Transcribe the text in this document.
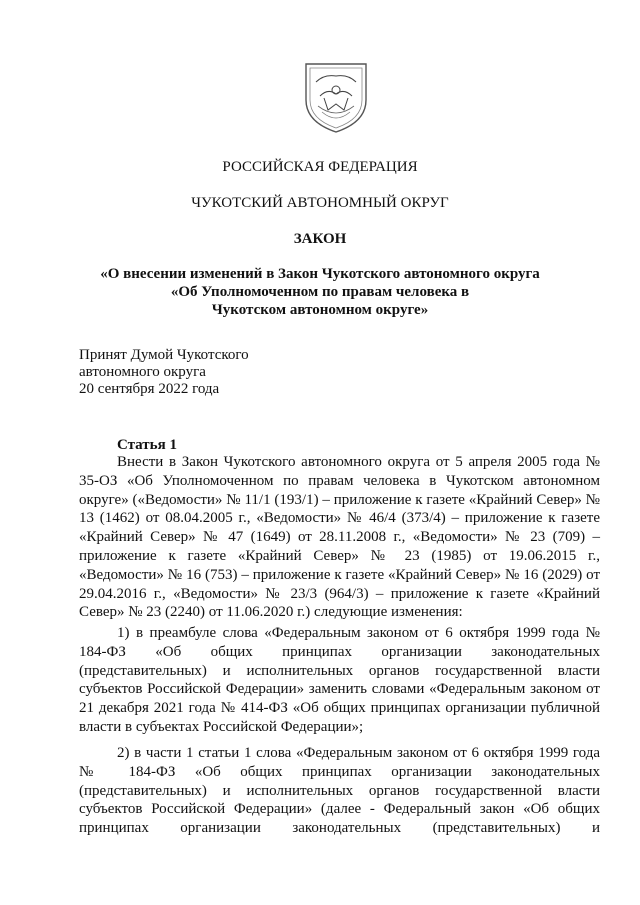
РОССИЙСКАЯ ФЕДЕРАЦИЯ
ЧУКОТСКИЙ АВТОНОМНЫЙ ОКРУГ
ЗАКОН
«О внесении изменений в Закон Чукотского автономного округа
«Об Уполномоченном по правам человека в
Чукотском автономном округе»
Принят Думой Чукотского
автономного округа
20 сентября 2022 года
Статья 1
Внести в Закон Чукотского автономного округа от 5 апреля 2005 года № 35-ОЗ «Об Уполномоченном по правам человека в Чукотском автономном округе» («Ведомости» № 11/1 (193/1) – приложение к газете «Крайний Север» № 13 (1462) от 08.04.2005 г., «Ведомости» № 46/4 (373/4) – приложение к газете «Крайний Север» № 47 (1649) от 28.11.2008 г., «Ведомости» № 23 (709) – приложение к газете «Крайний Север» № 23 (1985) от 19.06.2015 г., «Ведомости» № 16 (753) – приложение к газете «Крайний Север» № 16 (2029) от 29.04.2016 г., «Ведомости» № 23/3 (964/3) – приложение к газете «Крайний Север» № 23 (2240) от 11.06.2020 г.) следующие изменения:
1) в преамбуле слова «Федеральным законом от 6 октября 1999 года № 184-ФЗ «Об общих принципах организации законодательных (представительных) и исполнительных органов государственной власти субъектов Российской Федерации» заменить словами «Федеральным законом от 21 декабря 2021 года № 414-ФЗ «Об общих принципах организации публичной власти в субъектах Российской Федерации»;
2) в части 1 статьи 1 слова «Федеральным законом от 6 октября 1999 года № 184-ФЗ «Об общих принципах организации законодательных (представительных) и исполнительных органов государственной власти субъектов Российской Федерации» (далее - Федеральный закон «Об общих принципах организации законодательных (представительных) и
